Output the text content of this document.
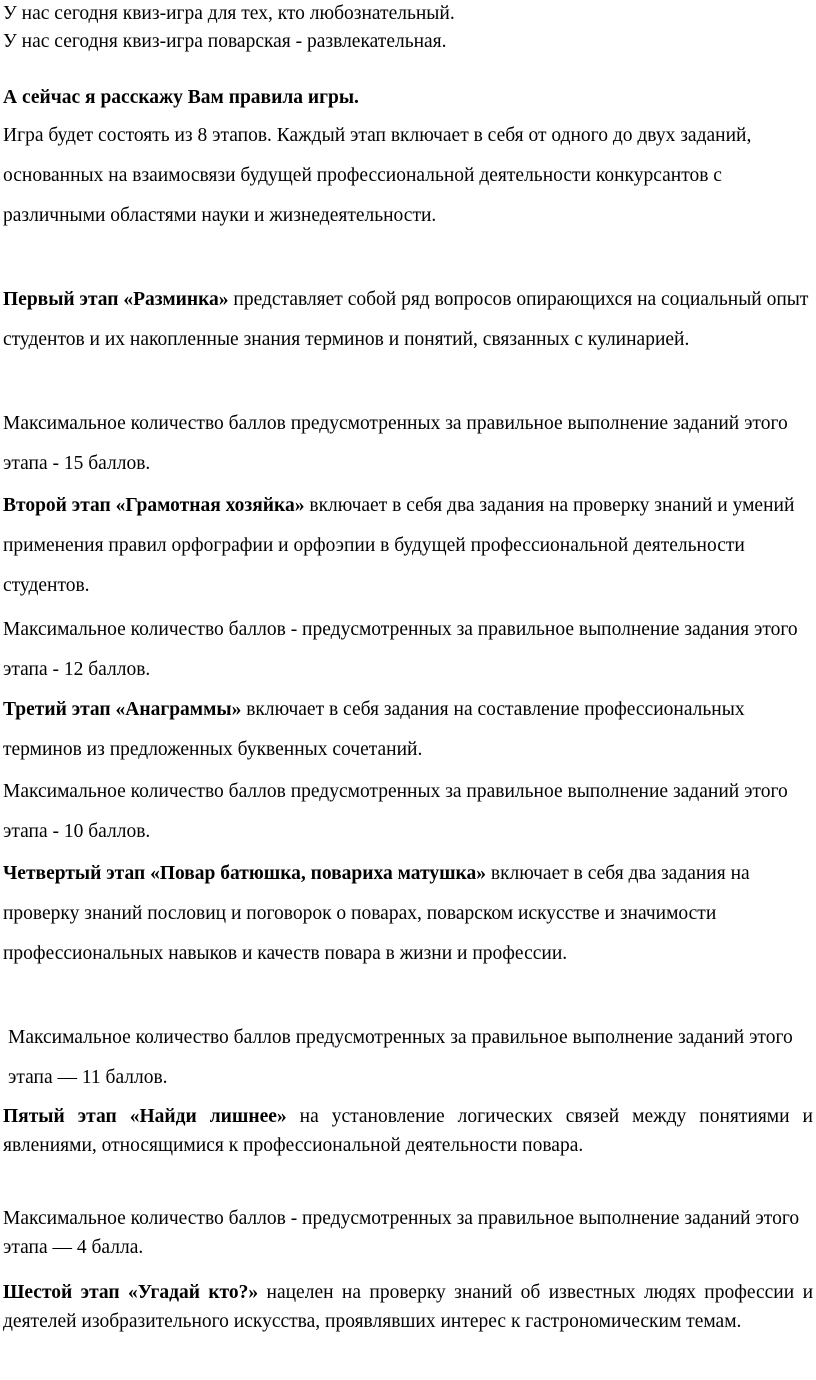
У нас сегодня квиз-игра для тех, кто любознательный.

У нас сегодня квиз-игра поварская - развлекательная.

А сейчас я расскажу Вам правила игры.

Игра будет состоять из 8 этапов. Каждый этап включает в себя от одного до двух заданий, основанных на взаимосвязи будущей профессиональной деятельности конкурсантов с различными областями науки и жизнедеятельности.

Первый этап «Разминка» представляет собой ряд вопросов опирающихся на социальный опыт студентов и их накопленные знания терминов и понятий, связанных с кулинарией.

Максимальное количество баллов предусмотренных за правильное выполнение заданий этого этапа - 15 баллов.

Второй этап «Грамотная хозяйка» включает в себя два задания на проверку знаний и умений применения правил орфографии и орфоэпии в будущей профессиональной деятельности студентов.

Максимальное количество баллов - предусмотренных за правильное выполнение задания этого этапа - 12 баллов.

Третий этап «Анаграммы» включает в себя задания на составление профессиональных терминов из предложенных буквенных сочетаний.

Максимальное количество баллов предусмотренных за правильное выполнение заданий этого этапа - 10 баллов.

Четвертый этап «Повар батюшка, повариха матушка» включает в себя два задания на проверку знаний пословиц и поговорок о поварах, поварском искусстве и значимости профессиональных навыков и качеств повара в жизни и профессии.

Максимальное количество баллов предусмотренных за правильное выполнение заданий этого этапа — 11 баллов.

Пятый этап «Найди лишнее» на установление логических связей между понятиями и явлениями, относящимися к профессиональной деятельности повара.

Максимальное количество баллов - предусмотренных за правильное выполнение заданий этого этапа — 4 балла.

Шестой этап «Угадай кто?» нацелен на проверку знаний об известных людях профессии и деятелей изобразительного искусства, проявлявших интерес к гастрономическим темам.
